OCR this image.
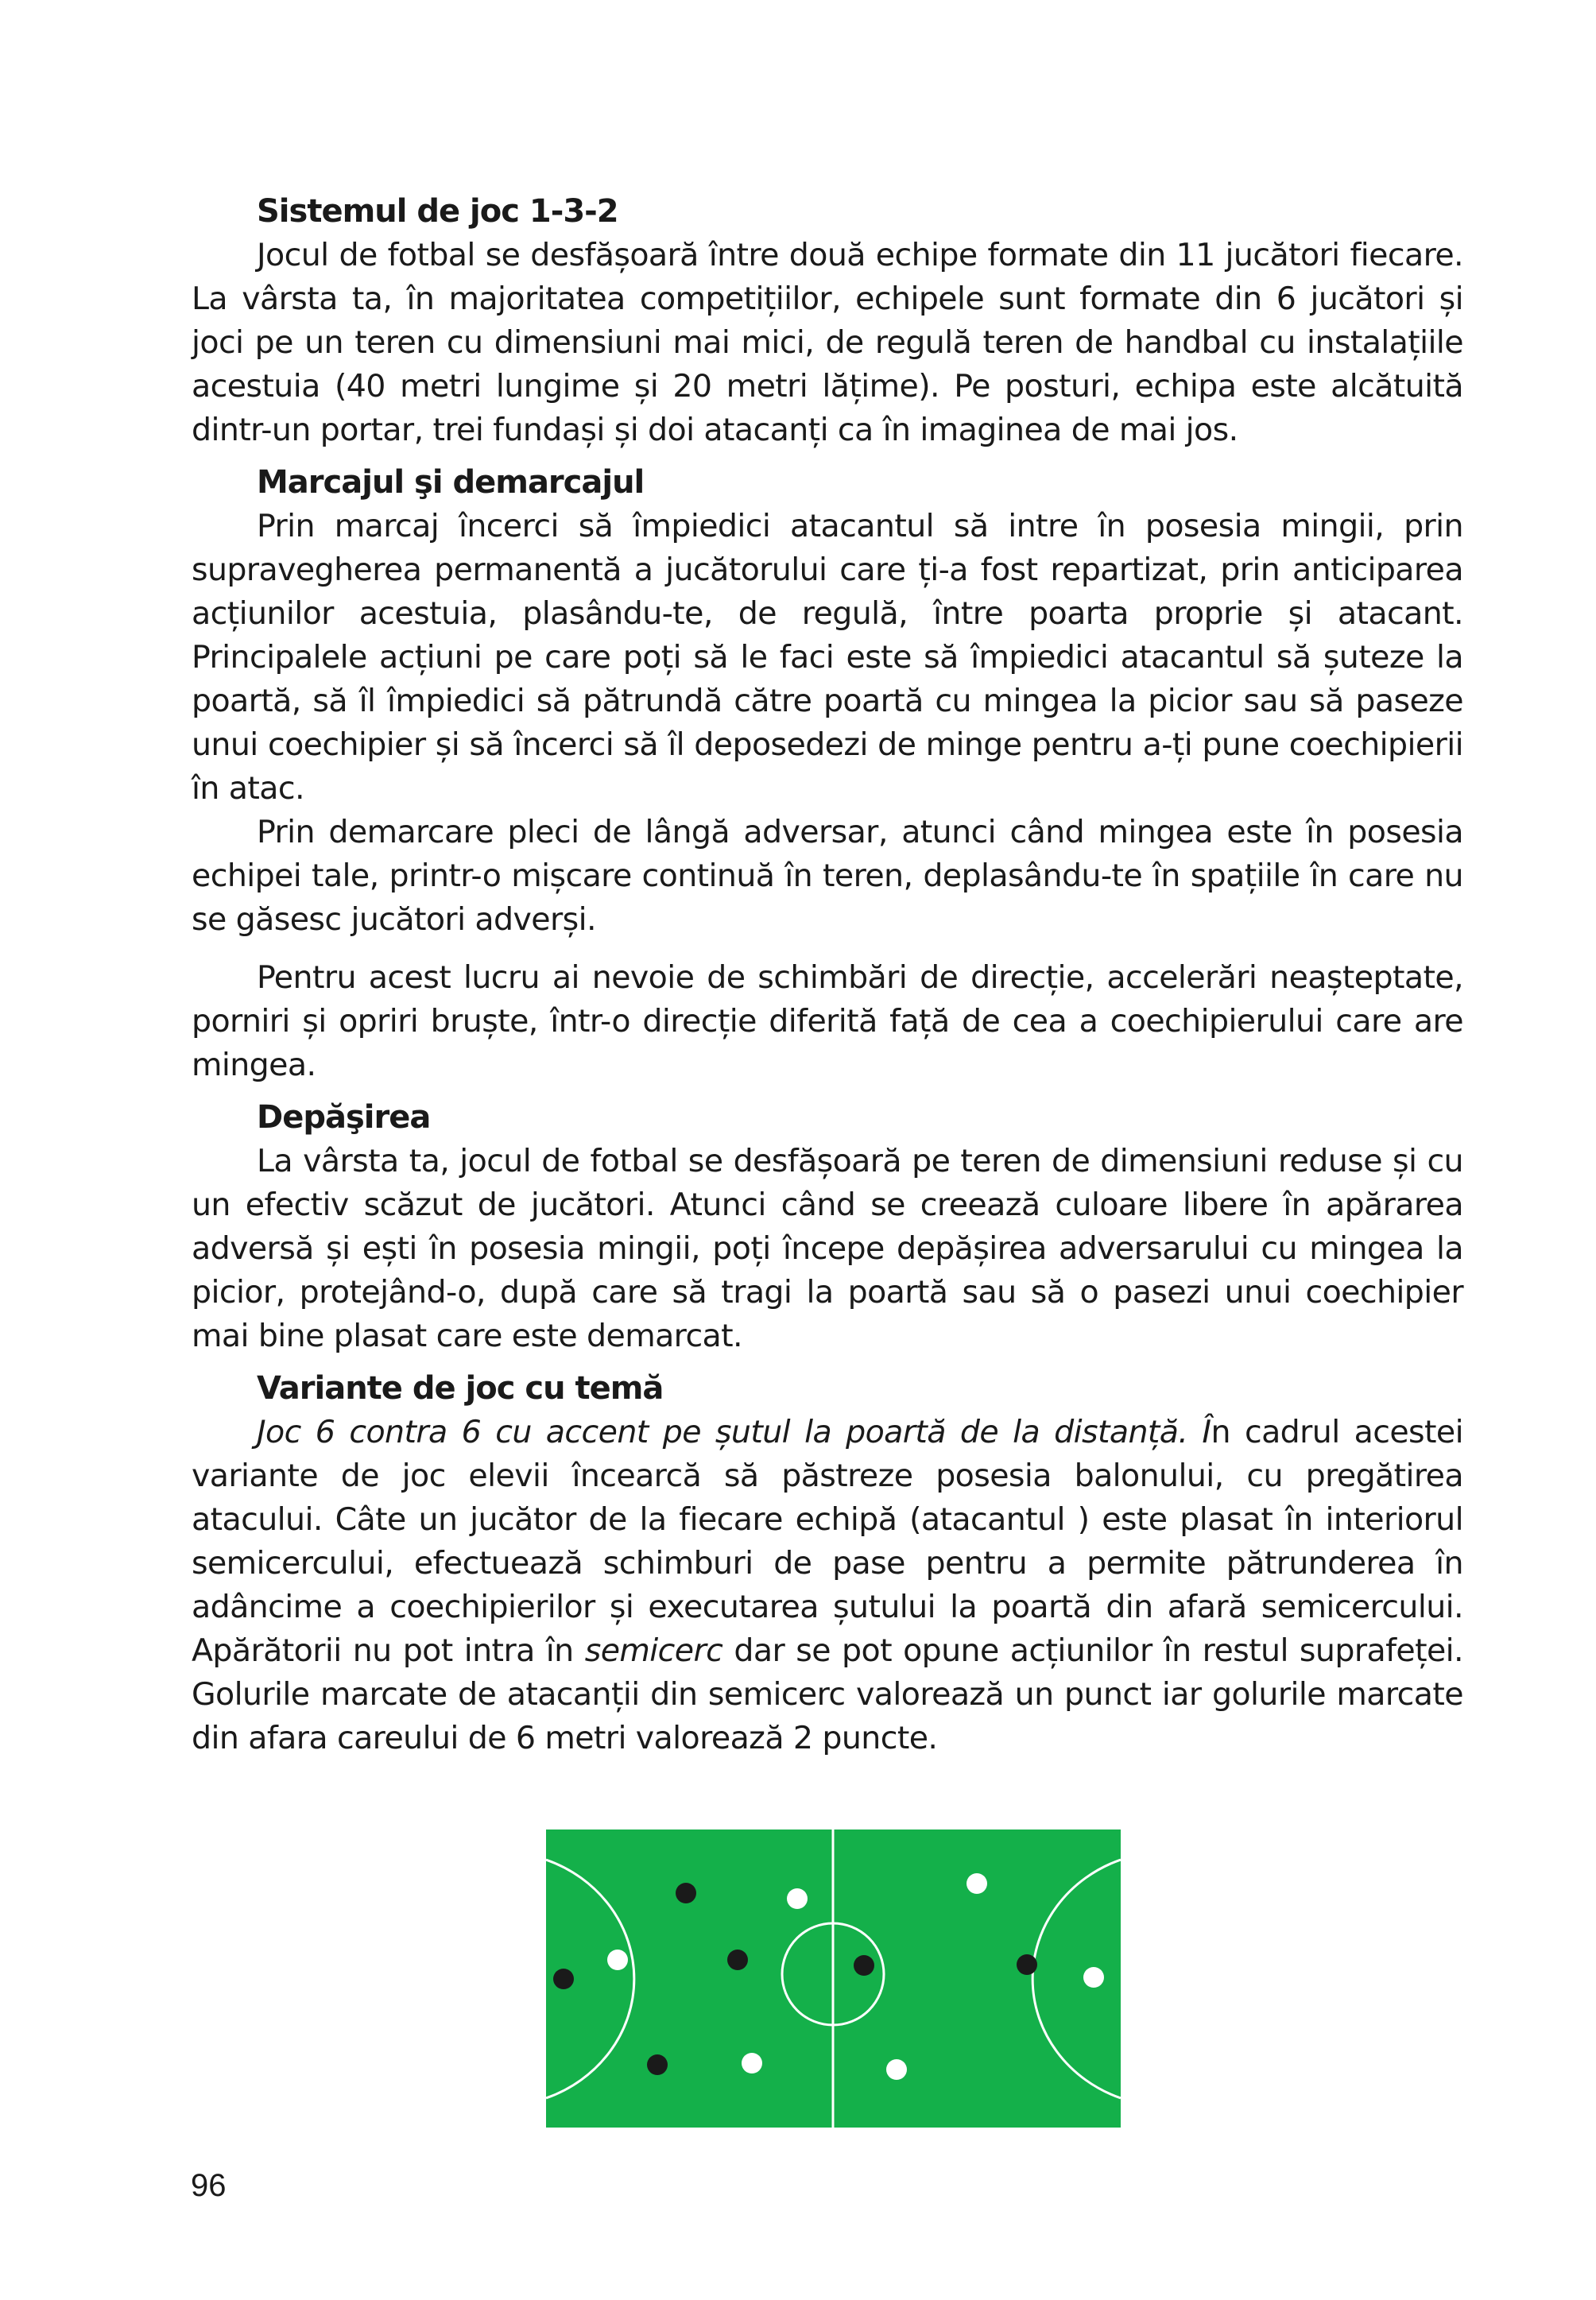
Sistemul de joc 1-3-2

Jocul de fotbal se desfășoară între două echipe formate din 11 jucători fiecare. La vârsta ta, în majoritatea competițiilor, echipele sunt formate din 6 jucători și joci pe un teren cu dimensiuni mai mici, de regulă teren de handbal cu instalațiile acestuia (40 metri lungime și 20 metri lățime). Pe posturi, echipa este alcătuită dintr-un portar, trei fundași și doi atacanți ca în imaginea de mai jos.

Marcajul şi demarcajul

Prin marcaj încerci să împiedici atacantul să intre în posesia mingii, prin supravegherea permanentă a jucătorului care ți-a fost repartizat, prin anticiparea acțiunilor acestuia, plasându-te, de regulă, între poarta proprie și atacant. Principalele acțiuni pe care poți să le faci este să împiedici atacantul să șuteze la poartă, să îl împiedici să pătrundă către poartă cu mingea la picior sau să paseze unui coechipier și să încerci să îl deposedezi de minge pentru a-ți pune coechipierii în atac.

Prin demarcare pleci de lângă adversar, atunci când mingea este în posesia echipei tale, printr-o mișcare continuă în teren, deplasându-te în spațiile în care nu se găsesc jucători adverși.

Pentru acest lucru ai nevoie de schimbări de direcție, accelerări neașteptate, porniri și opriri bruște, într-o direcție diferită față de cea a coechipierului care are mingea.

Depăşirea

La vârsta ta, jocul de fotbal se desfășoară pe teren de dimensiuni reduse și cu un efectiv scăzut de jucători. Atunci când se creează culoare libere în apărarea adversă și ești în posesia mingii, poți începe depășirea adversarului cu mingea la picior, protejând-o, după care să tragi la poartă sau să o pasezi unui coechipier mai bine plasat care este demarcat.

Variante de joc cu temă

Joc 6 contra 6 cu accent pe șutul la poartă de la distanță. În cadrul acestei variante de joc elevii încearcă să păstreze posesia balonului, cu pregătirea atacului. Câte un jucător de la fiecare echipă (atacantul ) este plasat în interiorul semicercului, efectuează schimburi de pase pentru a permite pătrunderea în adâncime a coechipierilor și executarea șutului la poartă din afară semicercului. Apărătorii nu pot intra în semicerc dar se pot opune acțiunilor în restul suprafeței. Golurile marcate de atacanții din semicerc valorează un punct iar golurile marcate din afara careului de 6 metri valorează 2 puncte.

96
